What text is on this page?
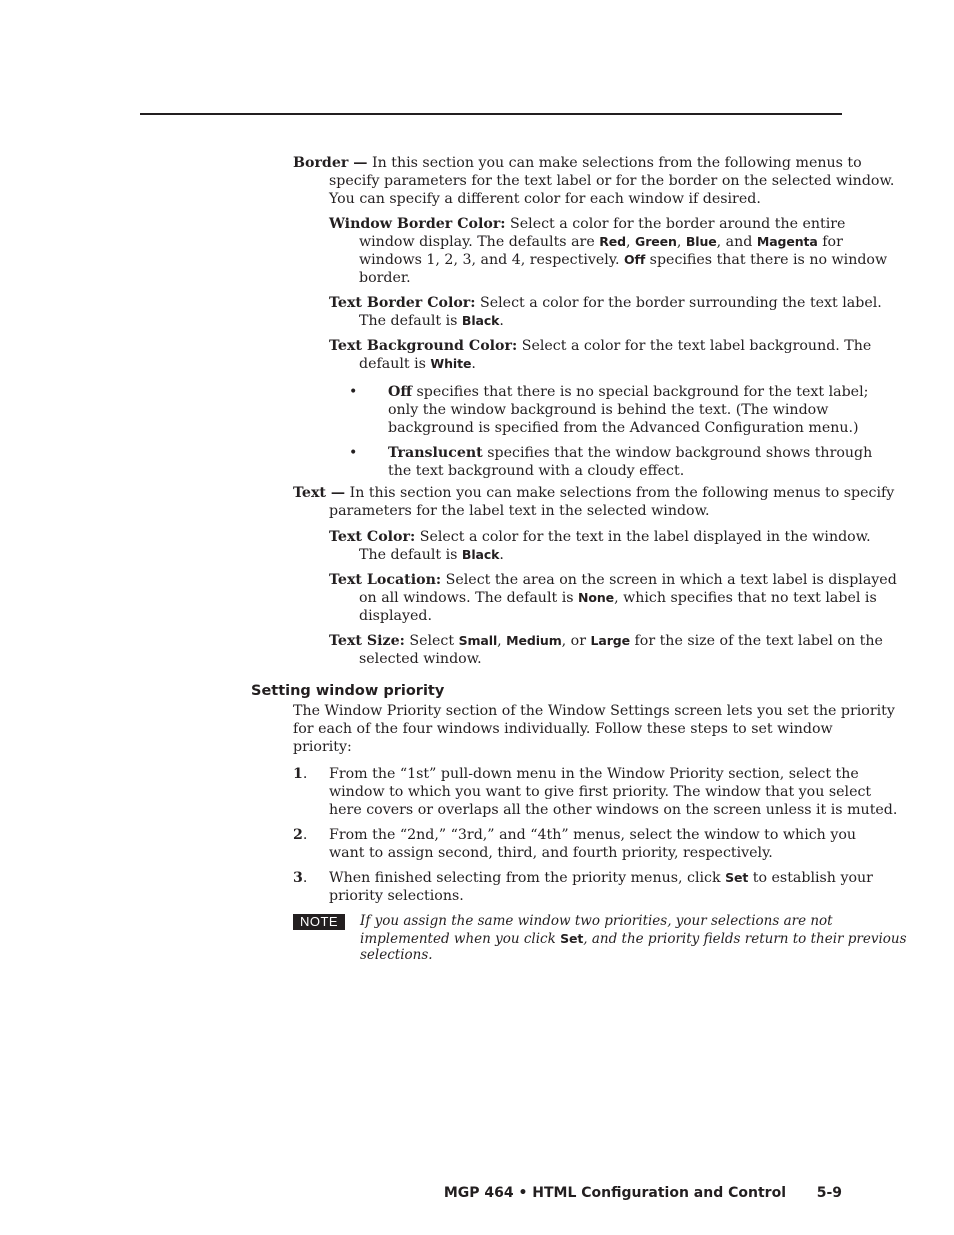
Border — In this section you can make selections from the following menus to
specify parameters for the text label or for the border on the selected window.
You can specify a different color for each window if desired.
Window Border Color: Select a color for the border around the entire
window display. The defaults are Red, Green, Blue, and Magenta for
windows 1, 2, 3, and 4, respectively. Off specifies that there is no window
border.
Text Border Color: Select a color for the border surrounding the text label.
The default is Black.
Text Background Color: Select a color for the text label background. The
default is White.
• Off specifies that there is no special background for the text label;
only the window background is behind the text. (The window
background is specified from the Advanced Configuration menu.)
• Translucent specifies that the window background shows through
the text background with a cloudy effect.
Text — In this section you can make selections from the following menus to specify
parameters for the label text in the selected window.
Text Color: Select a color for the text in the label displayed in the window.
The default is Black.
Text Location: Select the area on the screen in which a text label is displayed
on all windows. The default is None, which specifies that no text label is
displayed.
Text Size: Select Small, Medium, or Large for the size of the text label on the
selected window.
Setting window priority
The Window Priority section of the Window Settings screen lets you set the priority
for each of the four windows individually. Follow these steps to set window
priority:
1. From the “1st” pull-down menu in the Window Priority section, select the
window to which you want to give first priority. The window that you select
here covers or overlaps all the other windows on the screen unless it is muted.
2. From the “2nd,” “3rd,” and “4th” menus, select the window to which you
want to assign second, third, and fourth priority, respectively.
3. When finished selecting from the priority menus, click Set to establish your
priority selections.
NOTE	If you assign the same window two priorities, your selections are not
implemented when you click Set, and the priority fields return to their previous
selections.
MGP 464 • HTML Configuration and Control 5-9
